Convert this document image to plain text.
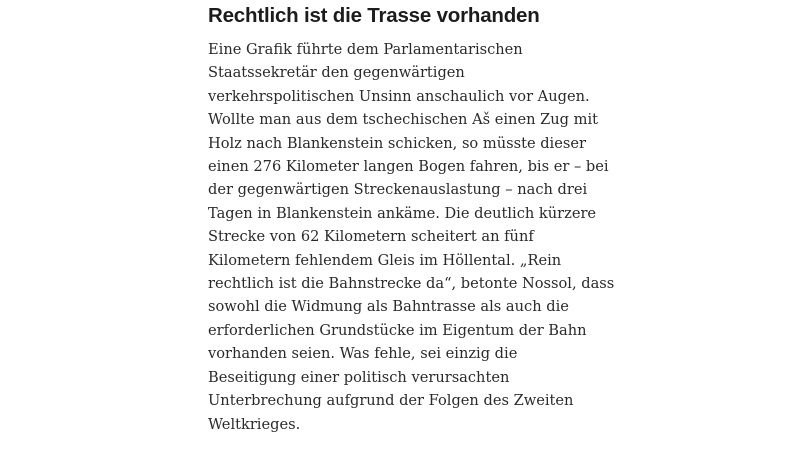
Rechtlich ist die Trasse vorhanden
Eine Grafik führte dem Parlamentarischen
Staatssekretär den gegenwärtigen
verkehrspolitischen Unsinn anschaulich vor Augen.
Wollte man aus dem tschechischen Aš einen Zug mit
Holz nach Blankenstein schicken, so müsste dieser
einen 276 Kilometer langen Bogen fahren, bis er – bei
der gegenwärtigen Streckenauslastung – nach drei
Tagen in Blankenstein ankäme. Die deutlich kürzere
Strecke von 62 Kilometern scheitert an fünf
Kilometern fehlendem Gleis im Höllental. „Rein
rechtlich ist die Bahnstrecke da“, betonte Nossol, dass
sowohl die Widmung als Bahntrasse als auch die
erforderlichen Grundstücke im Eigentum der Bahn
vorhanden seien. Was fehle, sei einzig die
Beseitigung einer politisch verursachten
Unterbrechung aufgrund der Folgen des Zweiten
Weltkrieges.
